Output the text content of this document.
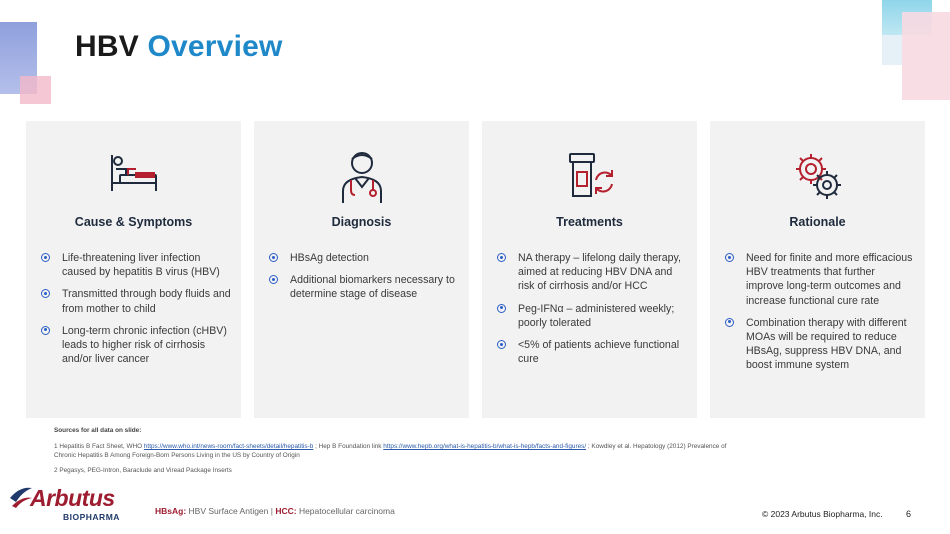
HBV Overview
Cause & Symptoms
Life-threatening liver infection caused by hepatitis B virus (HBV)
Transmitted through body fluids and from mother to child
Long-term chronic infection (cHBV) leads to higher risk of cirrhosis and/or liver cancer
Diagnosis
HBsAg detection
Additional biomarkers necessary to determine stage of disease
Treatments
NA therapy – lifelong daily therapy, aimed at reducing HBV DNA and risk of cirrhosis and/or HCC
Peg-IFNα – administered weekly; poorly tolerated
<5% of patients achieve functional cure
Rationale
Need for finite and more efficacious HBV treatments that further improve long-term outcomes and increase functional cure rate
Combination therapy with different MOAs will be required to reduce HBsAg, suppress HBV DNA, and boost immune system
Sources for all data on slide:

1 Hepatitis B Fact Sheet, WHO https://www.who.int/news-room/fact-sheets/detail/hepatitis-b ; Hep B Foundation link https://www.hepb.org/what-is-hepatitis-b/what-is-hepb/facts-and-figures/ ; Kowdley et al. Hepatology (2012) Prevalence of Chronic Hepatitis B Among Foreign-Born Persons Living in the US by Country of Origin

2 Pegasys, PEG-Intron, Baraclude and Viread Package Inserts

Arbutus
BIOPHARMA
HBsAg: HBV Surface Antigen | HCC: Hepatocellular carcinoma	© 2023 Arbutus Biopharma, Inc.	6
